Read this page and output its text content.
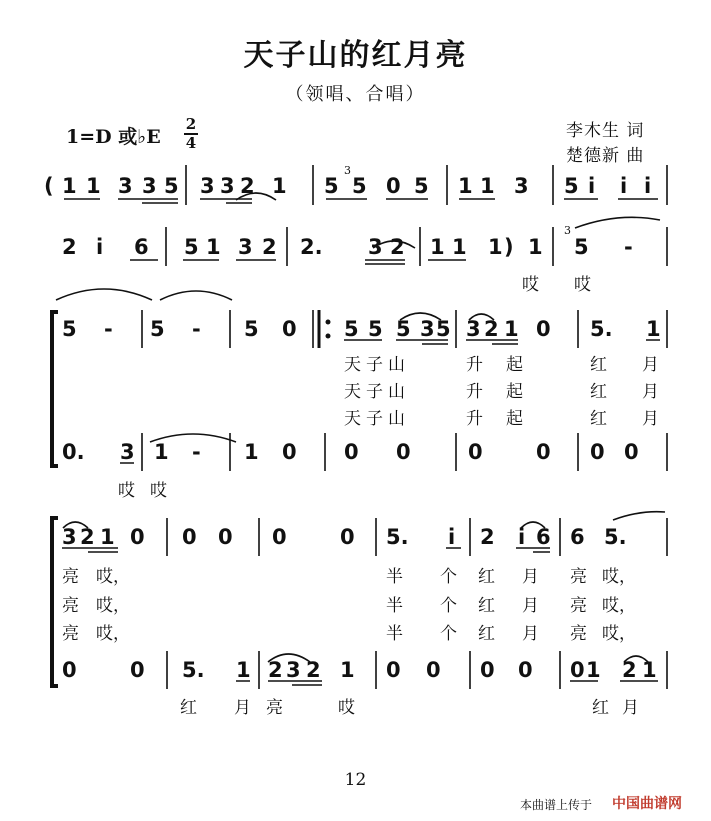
天子山的红月亮
（领唱、合唱）
1=D 或♭E
2
4
李木生 词
楚德新 曲
( 1 1 3 3 5 3 3 2 1 5 5 0 5 1 1 3 5 i i i
3
2 i 6 5 1 3 2 2. 3 2 1 1 1 ) 1 5 -
3
哎 哎
5 - 5 - 5 0 5 5 5 3 5 3 2 1 0 5. 1
天 子 山	升 起	红 月
天 子 山	升 起	红 月
天 子 山	升 起	红 月
0. 3 1 - 1 0 0 0	0	0 0 0
哎 哎
3 2 1 0 0 0 0	0 5. i 2 i 6 6 5.
亮 哎，	半 个 红 月 亮 哎，
亮 哎，	半 个 红 月 亮 哎，
亮 哎，	半 个 红 月 亮 哎，
0	0 5. 1 2 3 2 1 0 0 0 0 0 1 2 1
红 月 亮	哎	红 月
12
本曲谱上传于 中国曲谱网
